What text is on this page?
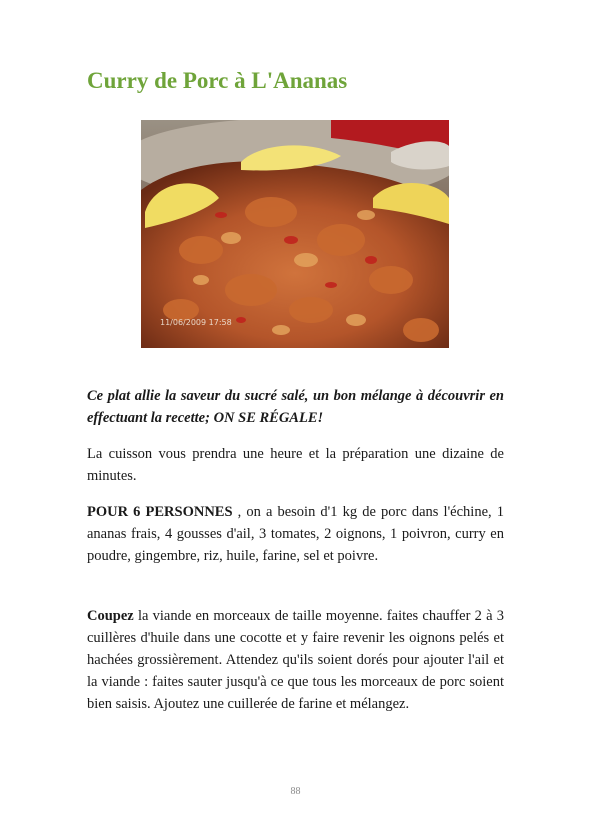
Curry de Porc à L'Ananas
11/06/2009 17:58

Ce plat allie la saveur du sucré salé, un bon mélange à découvrir en effectuant la recette; ON SE RÉGALE!

La cuisson vous prendra une heure et la préparation une dizaine de minutes.

POUR 6 PERSONNES , on a besoin d'1 kg de porc dans l'échine, 1 ananas frais, 4 gousses d'ail, 3 tomates, 2 oignons, 1 poivron, curry en poudre, gingembre, riz, huile, farine, sel et poivre.

Coupez la viande en morceaux de taille moyenne. faites chauffer 2 à 3 cuillères d'huile dans une cocotte et y faire revenir les oignons pelés et hachées grossièrement. Attendez qu'ils soient dorés pour ajouter l'ail et la viande : faites sauter jusqu'à ce que tous les morceaux de porc soient bien saisis. Ajoutez une cuillerée de farine et mélangez.

88
